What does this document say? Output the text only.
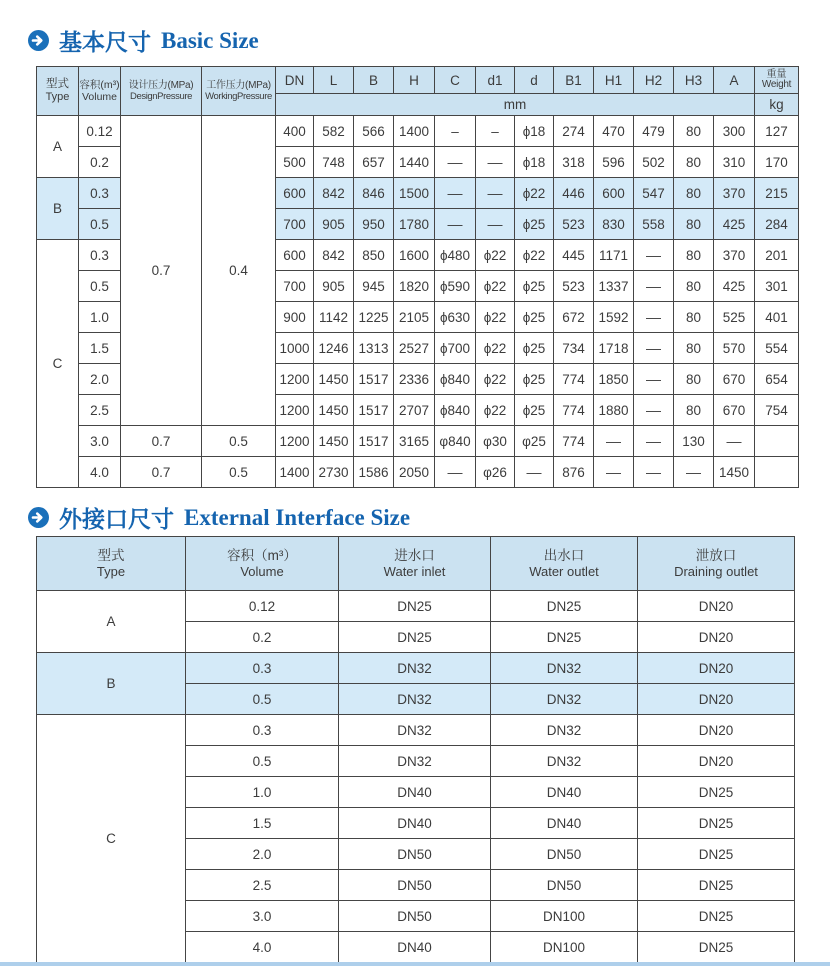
基本尺寸 Basic Size
型式
Type	容积(m³)
Volume	设计压力(MPa)
DesignPressure	工作压力(MPa)
WorkingPressure	DN	L	B	H	C	d1	d	B1	H1	H2	H3	A	重量
Weight

				mm												kg
A	0.12	0.7	0.4	400	582	566	1400	–	–	ϕ18	274	470	479	80	300	127
	0.2			500	748	657	1440	––	––	ϕ18	318	596	502	80	310	170
B	0.3			600	842	846	1500	––	––	ϕ22	446	600	547	80	370	215
	0.5			700	905	950	1780	––	––	ϕ25	523	830	558	80	425	284
C	0.3			600	842	850	1600	ϕ480	ϕ22	ϕ22	445	1171	––	80	370	201
	0.5			700	905	945	1820	ϕ590	ϕ22	ϕ25	523	1337	––	80	425	301
	1.0			900	1142	1225	2105	ϕ630	ϕ22	ϕ25	672	1592	––	80	525	401
	1.5			1000	1246	1313	2527	ϕ700	ϕ22	ϕ25	734	1718	––	80	570	554
	2.0			1200	1450	1517	2336	ϕ840	ϕ22	ϕ25	774	1850	––	80	670	654
	2.5			1200	1450	1517	2707	ϕ840	ϕ22	ϕ25	774	1880	––	80	670	754
	3.0	0.7	0.5	1200	1450	1517	3165	φ840	φ30	φ25	774	––	––	130	––	
	4.0	0.7	0.5	1400	2730	1586	2050	––	φ26	––	876	––	––	––	1450	
外接口尺寸 External Interface Size
型式
Type	容积（m³）
Volume	进水口
Water inlet	出水口
Water outlet	泄放口
Draining outlet

A	0.12	DN25	DN25	DN20
	0.2	DN25	DN25	DN20
B	0.3	DN32	DN32	DN20
	0.5	DN32	DN32	DN20
C	0.3	DN32	DN32	DN20
	0.5	DN32	DN32	DN20
	1.0	DN40	DN40	DN25
	1.5	DN40	DN40	DN25
	2.0	DN50	DN50	DN25
	2.5	DN50	DN50	DN25
	3.0	DN50	DN100	DN25
	4.0	DN40	DN100	DN25
